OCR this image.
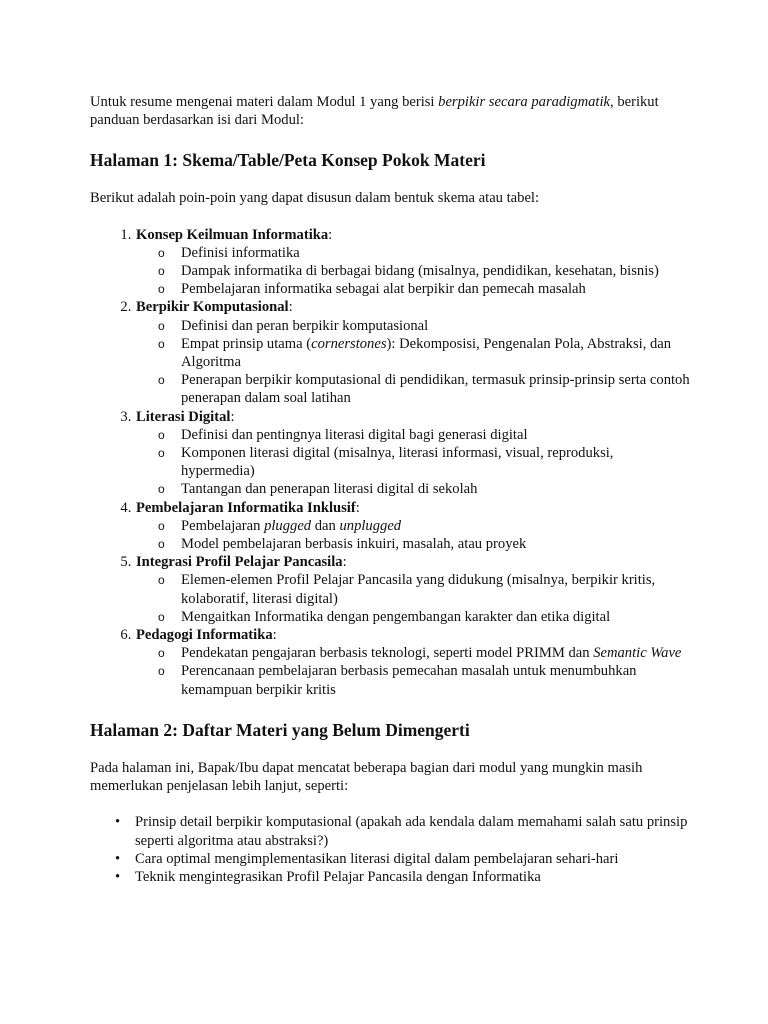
Untuk resume mengenai materi dalam Modul 1 yang berisi berpikir secara paradigmatik, berikut panduan berdasarkan isi dari Modul:

Halaman 1: Skema/Table/Peta Konsep Pokok Materi

Berikut adalah poin-poin yang dapat disusun dalam bentuk skema atau tabel:

1. Konsep Keilmuan Informatika:
o Definisi informatika
o Dampak informatika di berbagai bidang (misalnya, pendidikan, kesehatan, bisnis)
o Pembelajaran informatika sebagai alat berpikir dan pemecah masalah
2. Berpikir Komputasional:
o Definisi dan peran berpikir komputasional
o Empat prinsip utama (cornerstones): Dekomposisi, Pengenalan Pola, Abstraksi, dan Algoritma
o Penerapan berpikir komputasional di pendidikan, termasuk prinsip-prinsip serta contoh penerapan dalam soal latihan
3. Literasi Digital:
o Definisi dan pentingnya literasi digital bagi generasi digital
o Komponen literasi digital (misalnya, literasi informasi, visual, reproduksi, hypermedia)
o Tantangan dan penerapan literasi digital di sekolah
4. Pembelajaran Informatika Inklusif:
o Pembelajaran plugged dan unplugged
o Model pembelajaran berbasis inkuiri, masalah, atau proyek
5. Integrasi Profil Pelajar Pancasila:
o Elemen-elemen Profil Pelajar Pancasila yang didukung (misalnya, berpikir kritis, kolaboratif, literasi digital)
o Mengaitkan Informatika dengan pengembangan karakter dan etika digital
6. Pedagogi Informatika:
o Pendekatan pengajaran berbasis teknologi, seperti model PRIMM dan Semantic Wave
o Perencanaan pembelajaran berbasis pemecahan masalah untuk menumbuhkan kemampuan berpikir kritis
Halaman 2: Daftar Materi yang Belum Dimengerti

Pada halaman ini, Bapak/Ibu dapat mencatat beberapa bagian dari modul yang mungkin masih memerlukan penjelasan lebih lanjut, seperti:

• Prinsip detail berpikir komputasional (apakah ada kendala dalam memahami salah satu prinsip seperti algoritma atau abstraksi?)
• Cara optimal mengimplementasikan literasi digital dalam pembelajaran sehari-hari
• Teknik mengintegrasikan Profil Pelajar Pancasila dengan Informatika
